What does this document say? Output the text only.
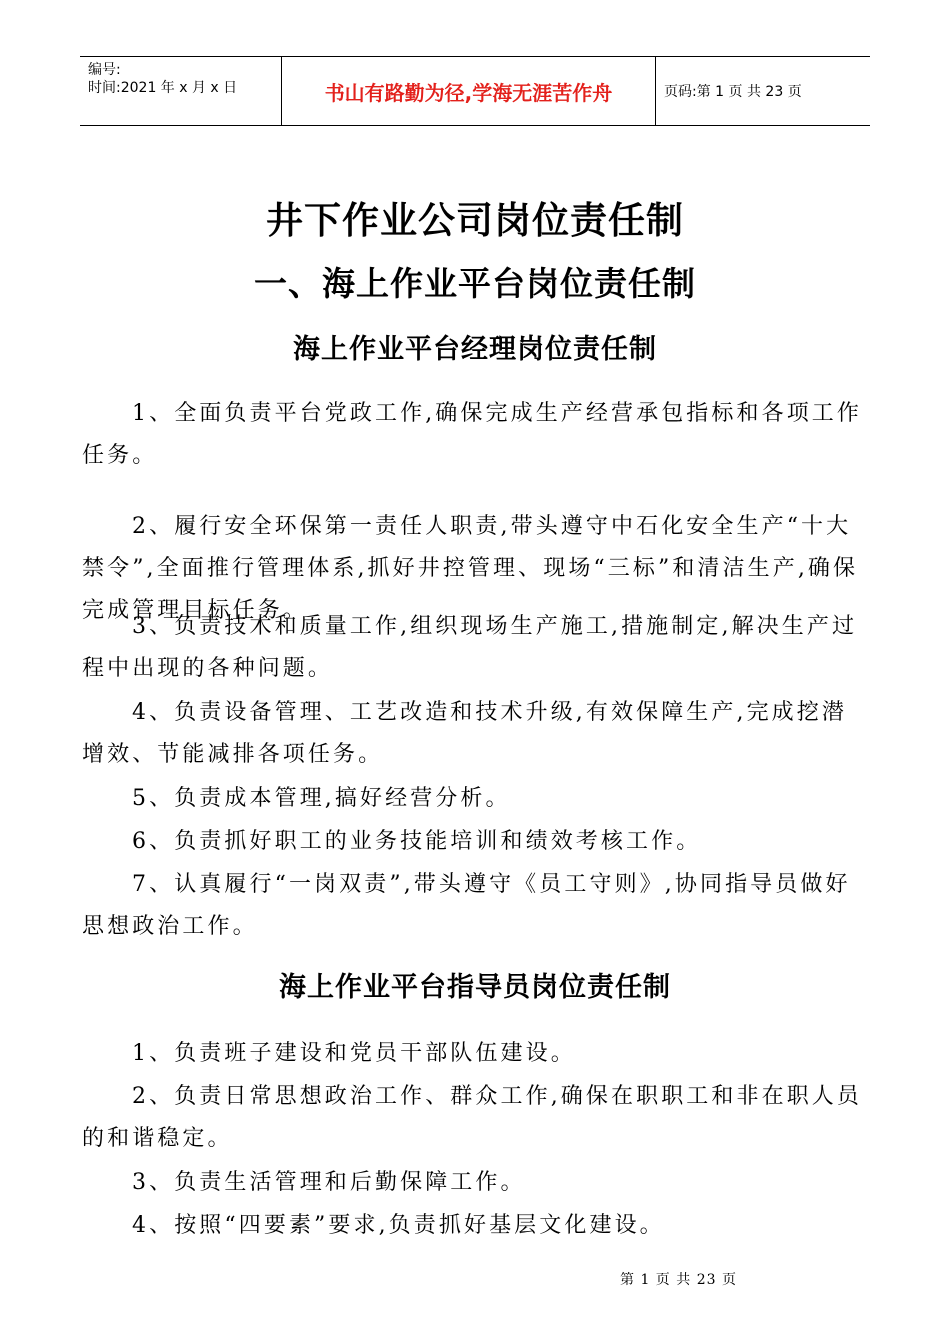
编号:
时间:2021 年 x 月 x 日	书山有路勤为径,学海无涯苦作舟	页码:第 1 页 共 23 页
井下作业公司岗位责任制
一、海上作业平台岗位责任制
海上作业平台经理岗位责任制

1、全面负责平台党政工作,确保完成生产经营承包指标和各项工作任务。

2、履行安全环保第一责任人职责,带头遵守中石化安全生产“十大禁令”,全面推行管理体系,抓好井控管理、现场“三标”和清洁生产,确保完成管理目标任务。

3、负责技术和质量工作,组织现场生产施工,措施制定,解决生产过程中出现的各种问题。

4、负责设备管理、工艺改造和技术升级,有效保障生产,完成挖潜增效、节能减排各项任务。

5、负责成本管理,搞好经营分析。

6、负责抓好职工的业务技能培训和绩效考核工作。

7、认真履行“一岗双责”,带头遵守《员工守则》,协同指导员做好思想政治工作。

海上作业平台指导员岗位责任制

1、负责班子建设和党员干部队伍建设。

2、负责日常思想政治工作、群众工作,确保在职职工和非在职人员的和谐稳定。

3、负责生活管理和后勤保障工作。

4、按照“四要素”要求,负责抓好基层文化建设。

第 1 页 共 23 页
